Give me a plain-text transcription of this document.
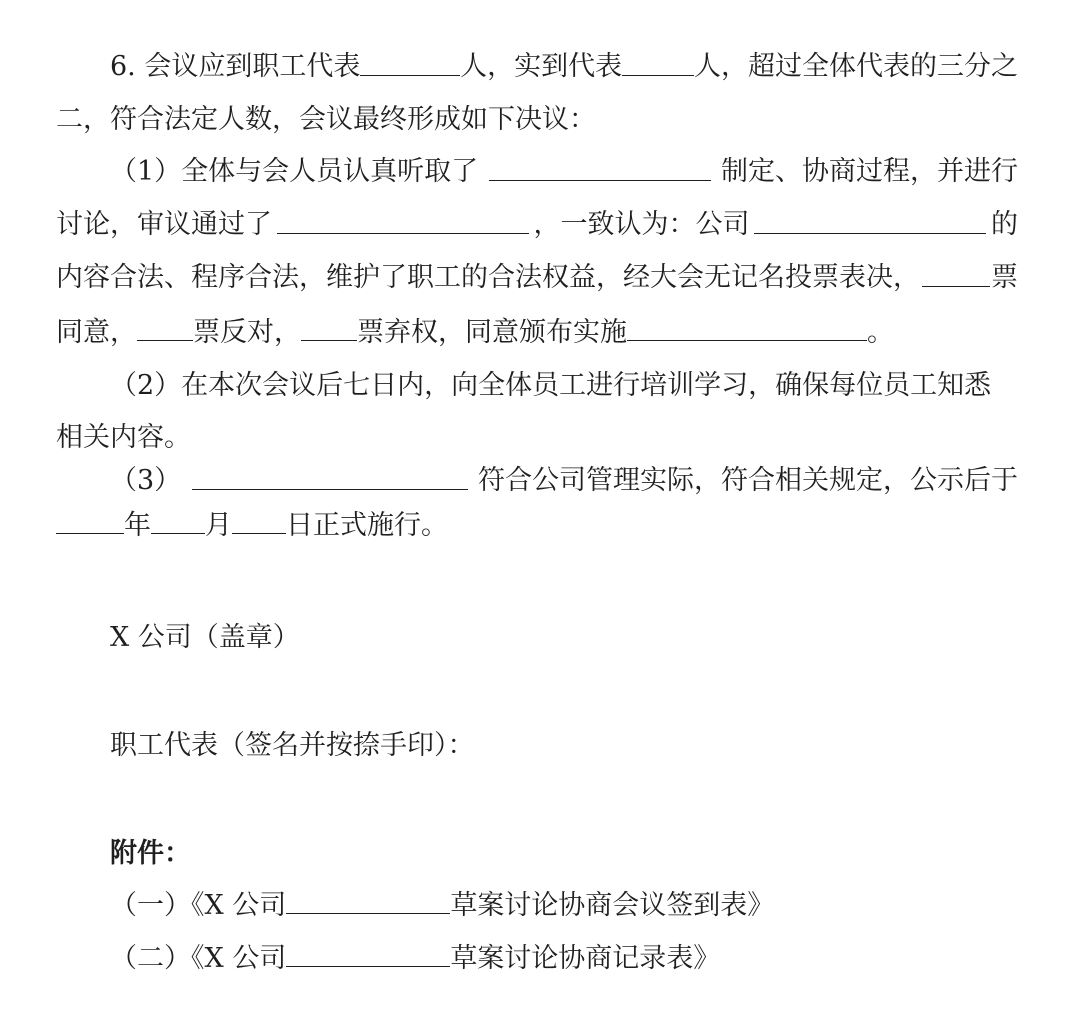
6. 会议应到职工代表	人，实到代表	人，超过全体代表的三分之
二，符合法定人数，会议最终形成如下决议：
（1）全体与会人员认真听取了	制定、协商过程，并进行
讨论，审议通过了	，一致认为：公司	的
内容合法、程序合法，维护了职工的合法权益，经大会无记名投票表决，	票
同意， 票反对， 票弃权，同意颁布实施	。
（2）在本次会议后七日内，向全体员工进行培训学习，确保每位员工知悉
相关内容。
（3）	符合公司管理实际，符合相关规定，公示后于
年 月 日正式施行。
X 公司（盖章）
职工代表（签名并按捺手印）：
附件：
（一）《X 公司	草案讨论协商会议签到表》
（二）《X 公司	草案讨论协商记录表》
